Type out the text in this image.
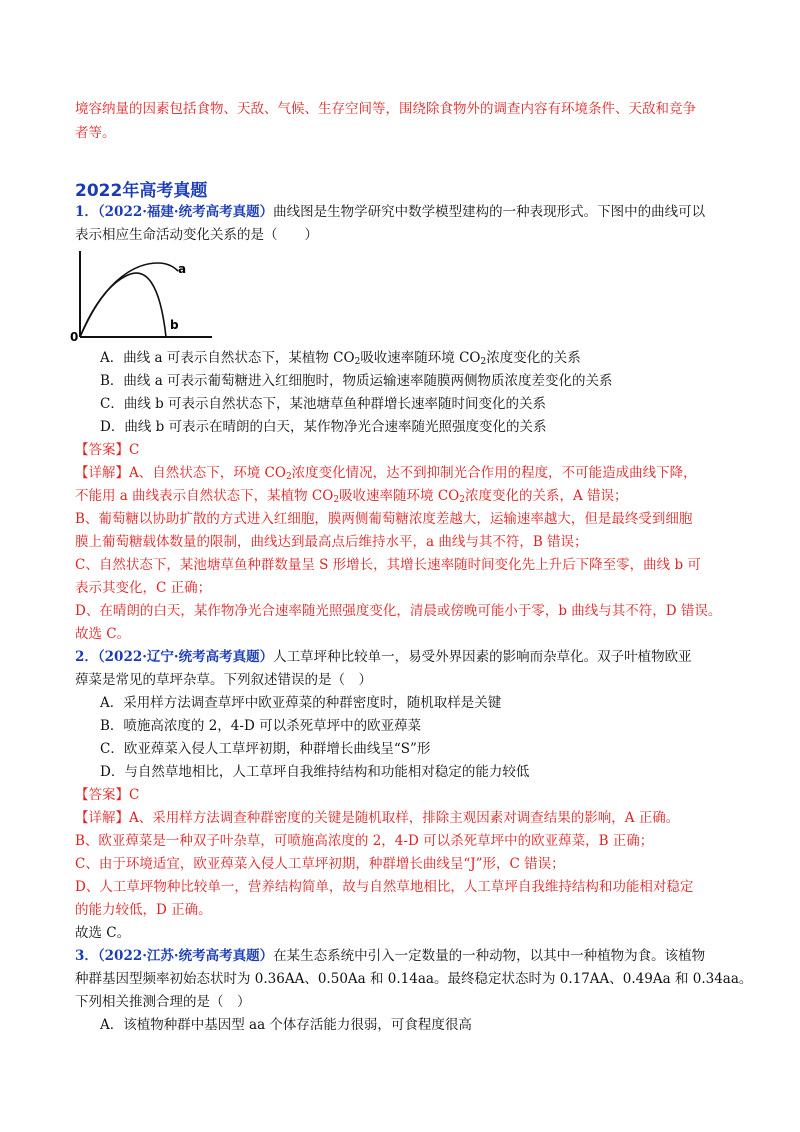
境容纳量的因素包括食物、天敌、气候、生存空间等，围绕除食物外的调查内容有环境条件、天敌和竞争
者等。
2022年高考真题
1．（2022·福建·统考高考真题）曲线图是生物学研究中数学模型建构的一种表现形式。下图中的曲线可以
表示相应生命活动变化关系的是（　　）
0
a
b
A．曲线 a 可表示自然状态下，某植物 $CO_2$吸收速率随环境 $CO_2$浓度变化的关系
B．曲线 a 可表示葡萄糖进入红细胞时，物质运输速率随膜两侧物质浓度差变化的关系
C．曲线 b 可表示自然状态下，某池塘草鱼种群增长速率随时间变化的关系
D．曲线 b 可表示在晴朗的白天，某作物净光合速率随光照强度变化的关系
【答案】C
【详解】A、自然状态下，环境 $CO_2$浓度变化情况，达不到抑制光合作用的程度，不可能造成曲线下降，
不能用 a 曲线表示自然状态下，某植物 $CO_2$吸收速率随环境 $CO_2$浓度变化的关系，A 错误；
B、葡萄糖以协助扩散的方式进入红细胞，膜两侧葡萄糖浓度差越大，运输速率越大，但是最终受到细胞
膜上葡萄糖载体数量的限制，曲线达到最高点后维持水平，a 曲线与其不符，B 错误；
C、自然状态下，某池塘草鱼种群数量呈 S 形增长，其增长速率随时间变化先上升后下降至零，曲线 b 可
表示其变化，C 正确；
D、在晴朗的白天，某作物净光合速率随光照强度变化，清晨或傍晚可能小于零，b 曲线与其不符，D 错误。
故选 C。
2．（2022·辽宁·统考高考真题）人工草坪种比较单一，易受外界因素的影响而杂草化。双子叶植物欧亚
蔊菜是常见的草坪杂草。下列叙述错误的是（　）
A．采用样方法调查草坪中欧亚蔊菜的种群密度时，随机取样是关键
B．喷施高浓度的 2，4-D 可以杀死草坪中的欧亚蔊菜
C．欧亚蔊菜入侵人工草坪初期，种群增长曲线呈“S”形
D．与自然草地相比，人工草坪自我维持结构和功能相对稳定的能力较低
【答案】C
【详解】A、采用样方法调查种群密度的关键是随机取样，排除主观因素对调查结果的影响，A 正确。
B、欧亚蔊菜是一种双子叶杂草，可喷施高浓度的 2，4-D 可以杀死草坪中的欧亚蔊菜，B 正确；
C、由于环境适宜，欧亚蔊菜入侵人工草坪初期，种群增长曲线呈“J”形，C 错误；
D、人工草坪物种比较单一，营养结构简单，故与自然草地相比，人工草坪自我维持结构和功能相对稳定
的能力较低，D 正确。
故选 C。
3．（2022·江苏·统考高考真题）在某生态系统中引入一定数量的一种动物，以其中一种植物为食。该植物
种群基因型频率初始态状时为 0.36AA、0.50Aa 和 0.14aa。最终稳定状态时为 0.17AA、0.49Aa 和 0.34aa。
下列相关推测合理的是（　）
A．该植物种群中基因型 aa 个体存活能力很弱，可食程度很高
